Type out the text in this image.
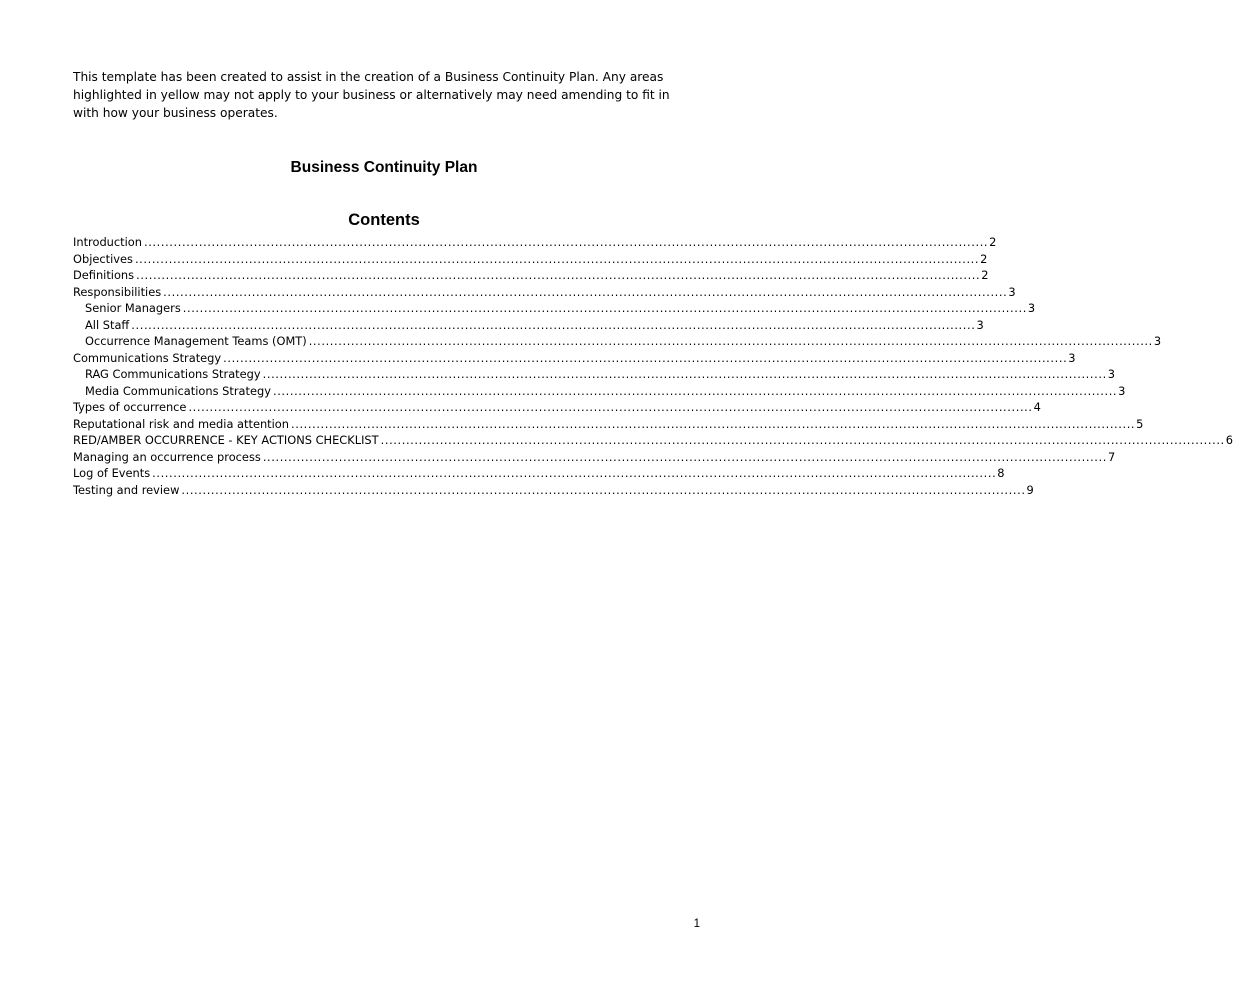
This template has been created to assist in the creation of a Business Continuity Plan. Any areas highlighted in yellow may not apply to your business or alternatively may need amending to fit in with how your business operates.

Business Continuity Plan
Contents
Introduction ........................................................................................................................................................................................................ 2
Objectives ........................................................................................................................................................................................................ 2
Definitions ........................................................................................................................................................................................................ 2
Responsibilities ........................................................................................................................................................................................................ 3
Senior Managers ........................................................................................................................................................................................................ 3
All Staff ........................................................................................................................................................................................................ 3
Occurrence Management Teams (OMT) ........................................................................................................................................................................................................ 3
Communications Strategy ........................................................................................................................................................................................................ 3
RAG Communications Strategy ........................................................................................................................................................................................................ 3
Media Communications Strategy ........................................................................................................................................................................................................ 3
Types of occurrence ........................................................................................................................................................................................................ 4
Reputational risk and media attention ........................................................................................................................................................................................................ 5
RED/AMBER OCCURRENCE - KEY ACTIONS CHECKLIST ........................................................................................................................................................................................................ 6
Managing an occurrence process ........................................................................................................................................................................................................ 7
Log of Events ........................................................................................................................................................................................................ 8
Testing and review ........................................................................................................................................................................................................ 9
1
